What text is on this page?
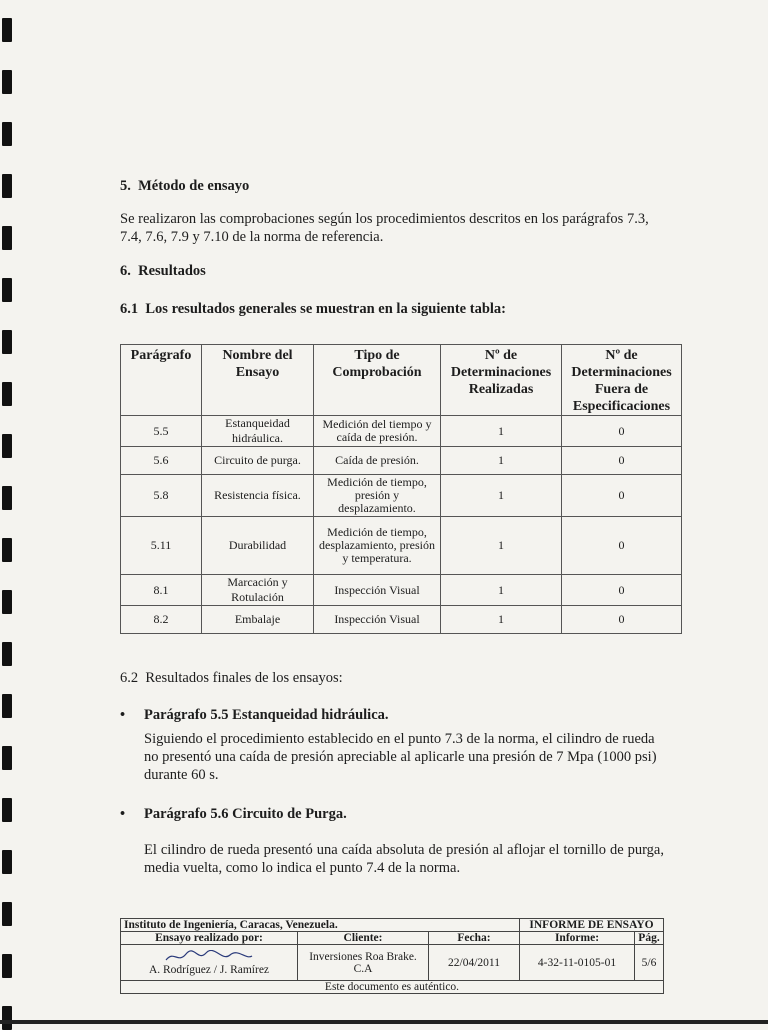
5.  Método de ensayo

Se realizaron las comprobaciones según los procedimientos descritos en los parágrafos 7.3, 7.4, 7.6, 7.9 y 7.10 de la norma de referencia.

6.  Resultados
6.1  Los resultados generales se muestran en la siguiente tabla:
Parágrafo	Nombre del Ensayo	Tipo de Comprobación	Nº de Determinaciones Realizadas	Nº de Determinaciones Fuera de Especificaciones
5.5	Estanqueidad hidráulica.	Medición del tiempo y caída de presión.	1	0
5.6	Circuito de purga.	Caída de presión.	1	0
5.8	Resistencia física.	Medición de tiempo, presión y desplazamiento.	1	0
5.11	Durabilidad	Medición de tiempo, desplazamiento, presión y temperatura.	1	0
8.1	Marcación y Rotulación	Inspección Visual	1	0
8.2	Embalaje	Inspección Visual	1	0
6.2  Resultados finales de los ensayos:
• Parágrafo 5.5 Estanqueidad hidráulica.

Siguiendo el procedimiento establecido en el punto 7.3 de la norma, el cilindro de rueda no presentó una caída de presión apreciable al aplicarle una presión de 7 Mpa (1000 psi) durante 60 s.

• Parágrafo 5.6 Circuito de Purga.

El cilindro de rueda presentó una caída absoluta de presión al aflojar el tornillo de purga, media vuelta, como lo indica el punto 7.4 de la norma.

Instituto de Ingeniería, Caracas, Venezuela.			INFORME DE ENSAYO	
Ensayo realizado por:	Cliente:	Fecha:	Informe:	Pág.

A. Rodríguez / J. Ramírez	Inversiones Roa Brake. C.A	22/04/2011	4-32-11-0105-01	5/6
Este documento es auténtico.				
